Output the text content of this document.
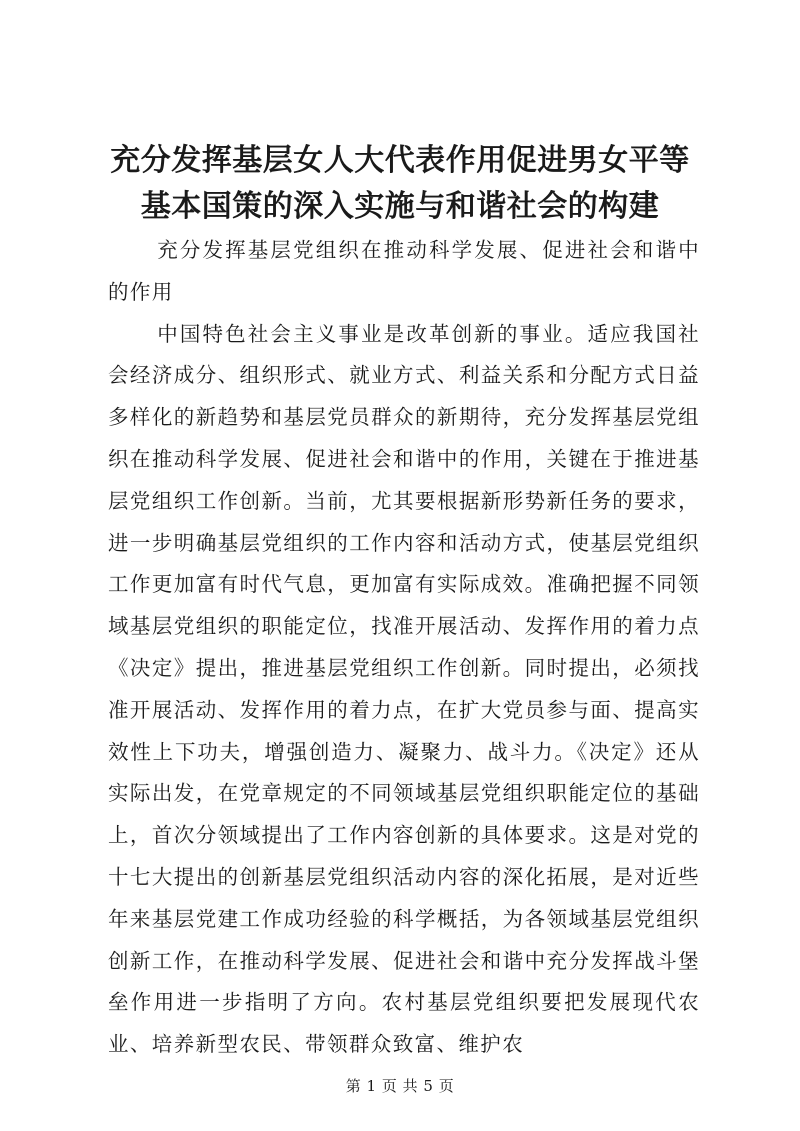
充分发挥基层女人大代表作用促进男女平等基本国策的深入实施与和谐社会的构建

充分发挥基层党组织在推动科学发展、促进社会和谐中的作用

中国特色社会主义事业是改革创新的事业。适应我国社会经济成分、组织形式、就业方式、利益关系和分配方式日益多样化的新趋势和基层党员群众的新期待，充分发挥基层党组织在推动科学发展、促进社会和谐中的作用，关键在于推进基层党组织工作创新。当前，尤其要根据新形势新任务的要求，进一步明确基层党组织的工作内容和活动方式，使基层党组织工作更加富有时代气息，更加富有实际成效。准确把握不同领域基层党组织的职能定位，找准开展活动、发挥作用的着力点《决定》提出，推进基层党组织工作创新。同时提出，必须找准开展活动、发挥作用的着力点，在扩大党员参与面、提高实效性上下功夫，增强创造力、凝聚力、战斗力。《决定》还从实际出发，在党章规定的不同领域基层党组织职能定位的基础上，首次分领域提出了工作内容创新的具体要求。这是对党的十七大提出的创新基层党组织活动内容的深化拓展，是对近些年来基层党建工作成功经验的科学概括，为各领域基层党组织创新工作，在推动科学发展、促进社会和谐中充分发挥战斗堡垒作用进一步指明了方向。农村基层党组织要把发展现代农业、培养新型农民、带领群众致富、维护农

第 1 页 共 5 页
